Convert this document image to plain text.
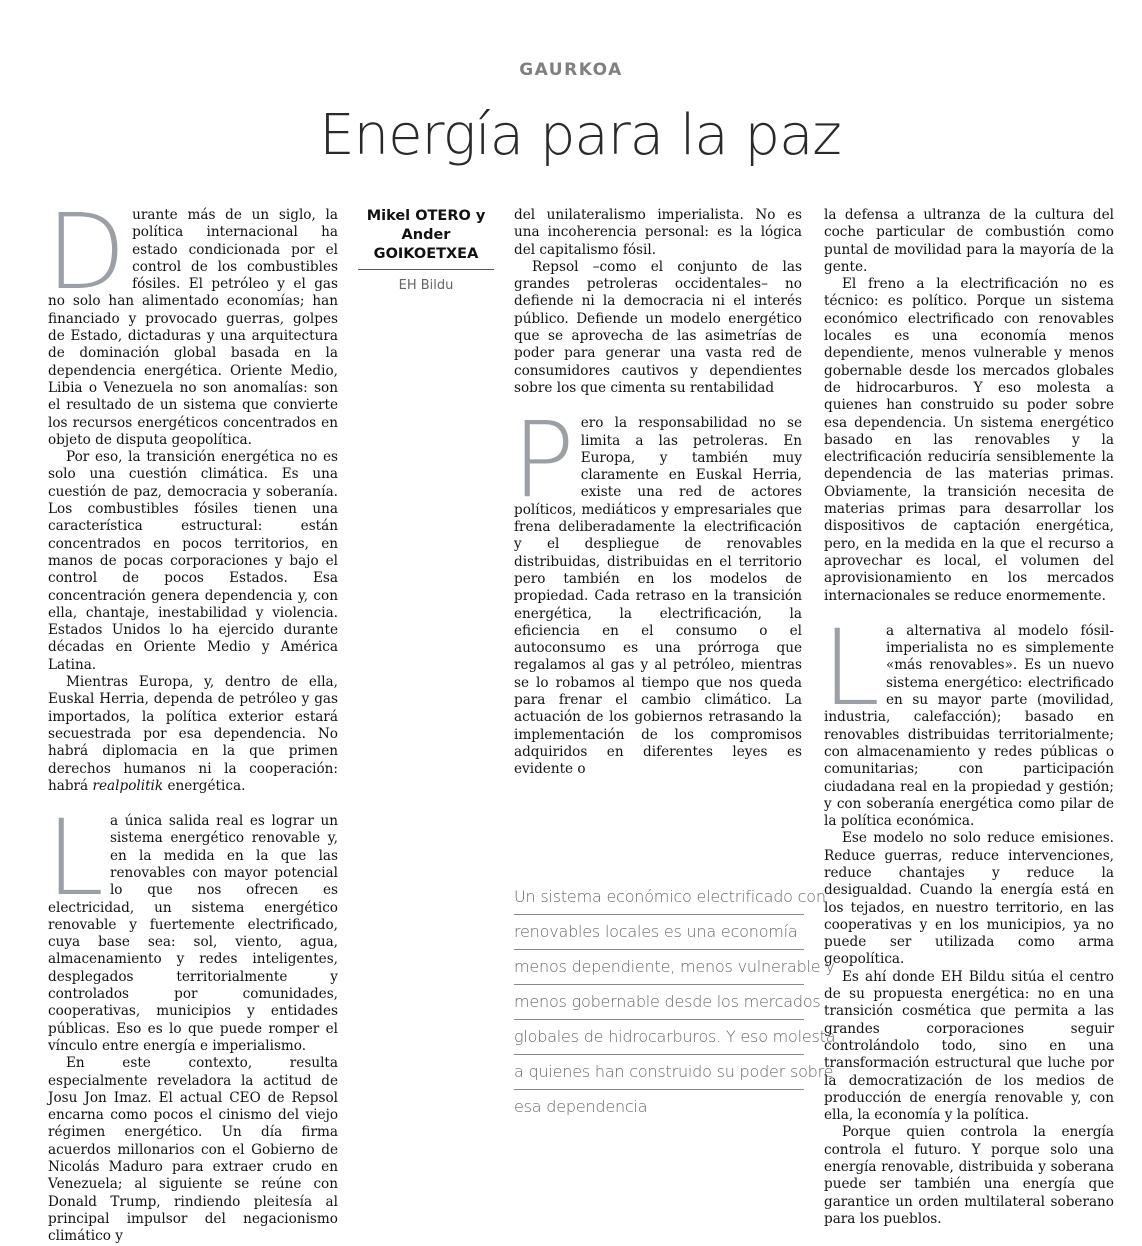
GAURKOA
Energía para la paz

Durante más de un siglo, la política internacional ha estado condicionada por el control de los combustibles fósiles. El petróleo y el gas no solo han alimentado economías; han financiado y provocado guerras, golpes de Estado, dictaduras y una arquitectura de dominación global basada en la dependencia energética. Oriente Medio, Libia o Venezuela no son anomalías: son el resultado de un sistema que convierte los recursos energéticos concentrados en objeto de disputa geopolítica.

Por eso, la transición energética no es solo una cuestión climática. Es una cuestión de paz, democracia y soberanía. Los combustibles fósiles tienen una característica estructural: están concentrados en pocos territorios, en manos de pocas corporaciones y bajo el control de pocos Estados. Esa concentración genera dependencia y, con ella, chantaje, inestabilidad y violencia. Estados Unidos lo ha ejercido durante décadas en Oriente Medio y América Latina.

Mientras Europa, y, dentro de ella, Euskal Herria, dependa de petróleo y gas importados, la política exterior estará secuestrada por esa dependencia. No habrá diplomacia en la que primen derechos humanos ni la cooperación: habrá realpolitik energética.

La única salida real es lograr un sistema energético renovable y, en la medida en la que las renovables con mayor potencial lo que nos ofrecen es electricidad, un sistema energético renovable y fuertemente electrificado, cuya base sea: sol, viento, agua, almacenamiento y redes inteligentes, desplegados territorialmente y controlados por comunidades, cooperativas, municipios y entidades públicas. Eso es lo que puede romper el vínculo entre energía e imperialismo.

En este contexto, resulta especialmente reveladora la actitud de Josu Jon Imaz. El actual CEO de Repsol encarna como pocos el cinismo del viejo régimen energético. Un día firma acuerdos millonarios con el Gobierno de Nicolás Maduro para extraer crudo en Venezuela; al siguiente se reúne con Donald Trump, rindiendo pleitesía al principal impulsor del negacionismo climático y

Mikel OTERO y Ander GOIKOETXEA
EH Bildu

del unilateralismo imperialista. No es una incoherencia personal: es la lógica del capitalismo fósil.

Repsol –como el conjunto de las grandes petroleras occidentales– no defiende ni la democracia ni el interés público. Defiende un modelo energético que se aprovecha de las asimetrías de poder para generar una vasta red de consumidores cautivos y dependientes sobre los que cimenta su rentabilidad

Pero la responsabilidad no se limita a las petroleras. En Europa, y también muy claramente en Euskal Herria, existe una red de actores políticos, mediáticos y empresariales que frena deliberadamente la electrificación y el despliegue de renovables distribuidas, distribuidas en el territorio pero también en los modelos de propiedad. Cada retraso en la transición energética, la electrificación, la eficiencia en el consumo o el autoconsumo es una prórroga que regalamos al gas y al petróleo, mientras se lo robamos al tiempo que nos queda para frenar el cambio climático. La actuación de los gobiernos retrasando la implementación de los compromisos adquiridos en diferentes leyes es evidente o

Un sistema económico electrificado con
renovables locales es una economía
menos dependiente, menos vulnerable y
menos gobernable desde los mercados
globales de hidrocarburos. Y eso molesta
a quienes han construido su poder sobre
esa dependencia

la defensa a ultranza de la cultura del coche particular de combustión como puntal de movilidad para la mayoría de la gente.

El freno a la electrificación no es técnico: es político. Porque un sistema económico electrificado con renovables locales es una economía menos dependiente, menos vulnerable y menos gobernable desde los mercados globales de hidrocarburos. Y eso molesta a quienes han construido su poder sobre esa dependencia. Un sistema energético basado en las renovables y la electrificación reduciría sensiblemente la dependencia de las materias primas. Obviamente, la transición necesita de materias primas para desarrollar los dispositivos de captación energética, pero, en la medida en la que el recurso a aprovechar es local, el volumen del aprovisionamiento en los mercados internacionales se reduce enormemente.

La alternativa al modelo fósil-imperialista no es simplemente «más renovables». Es un nuevo sistema energético: electrificado en su mayor parte (movilidad, industria, calefacción); basado en renovables distribuidas territorialmente; con almacenamiento y redes públicas o comunitarias; con participación ciudadana real en la propiedad y gestión; y con soberanía energética como pilar de la política económica.

Ese modelo no solo reduce emisiones. Reduce guerras, reduce intervenciones, reduce chantajes y reduce la desigualdad. Cuando la energía está en los tejados, en nuestro territorio, en las cooperativas y en los municipios, ya no puede ser utilizada como arma geopolítica.

Es ahí donde EH Bildu sitúa el centro de su propuesta energética: no en una transición cosmética que permita a las grandes corporaciones seguir controlándolo todo, sino en una transformación estructural que luche por la democratización de los medios de producción de energía renovable y, con ella, la economía y la política.

Porque quien controla la energía controla el futuro. Y porque solo una energía renovable, distribuida y soberana puede ser también una energía que garantice un orden multilateral soberano para los pueblos.
